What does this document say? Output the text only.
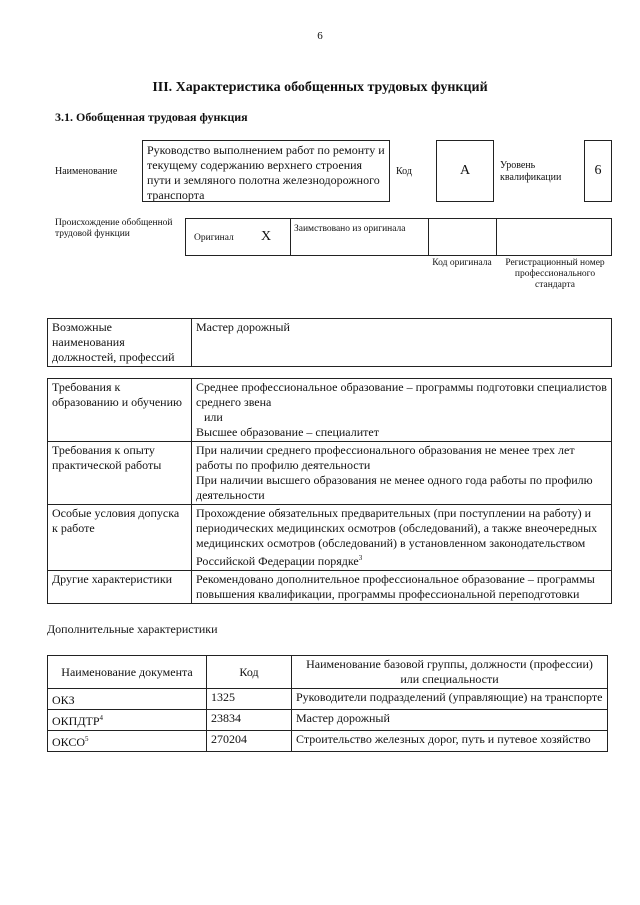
6
III. Характеристика обобщенных трудовых функций
3.1. Обобщенная трудовая функция
Наименование
Руководство выполнением работ по ремонту и текущему содержанию верхнего строения пути и земляного полотна железнодорожного транспорта
Код	A	Уровень квалификации	6
Происхождение обобщенной трудовой функции	Оригинал X Заимствовано из оригинала
Код оригинала	Регистрационный номер профессионального стандарта
Возможные наименования должностей, профессий	Мастер дорожный
Требования к образованию и обучению	Среднее профессиональное образование – программы подготовки специалистов среднего звена
или
Высшее образование – специалитет

Требования к опыту практической работы	При наличии среднего профессионального образования не менее трех лет работы по профилю деятельности
При наличии высшего образования не менее одного года работы по профилю деятельности

Особые условия допуска к работе	Прохождение обязательных предварительных (при поступлении на работу) и периодических медицинских осмотров (обследований), а также внеочередных медицинских осмотров (обследований) в установленном законодательством Российской Федерации порядке$^3$
Другие характеристики	Рекомендовано дополнительное профессиональное образование – программы повышения квалификации, программы профессиональной переподготовки
Дополнительные характеристики
Наименование документа	Код	Наименование базовой группы, должности (профессии) или специальности
ОКЗ	1325	Руководители подразделений (управляющие) на транспорте
ОКПДТР$^4$	23834	Мастер дорожный
ОКСО$^5$	270204	Строительство железных дорог, путь и путевое хозяйство
